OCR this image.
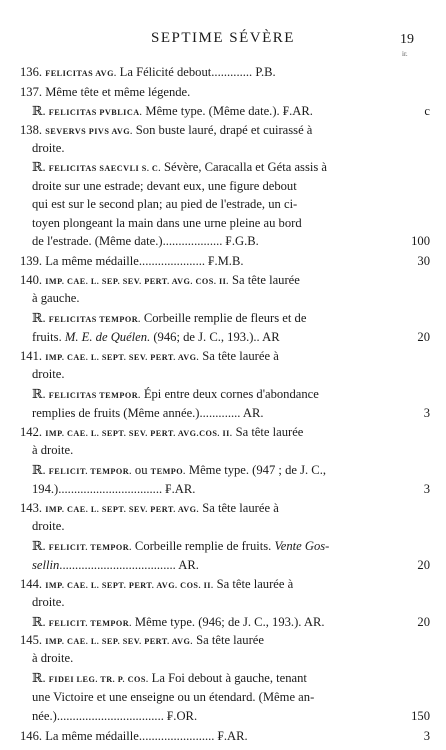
SEPTIME SÉVÈRE	19
ir.
136. FELICITAS AVG. La Félicité debout............. P.B.
137. Même tête et même légende.
ℝ. FELICITAS PVBLICA. Même type. (Même date.). ₣.AR.	c
138. SEVERVS PIVS AVG. Son buste lauré, drapé et cuirassé à
droite.
ℝ. FELICITAS SAECVLI S. C. Sévère, Caracalla et Géta assis à
droite sur une estrade; devant eux, une figure debout
qui est sur le second plan; au pied de l'estrade, un ci-
toyen plongeant la main dans une urne pleine au bord
de l'estrade. (Même date.)................... ₣.G.B.	100
139. La même médaille..................... ₣.M.B.	30
140. IMP. CAE. L. SEP. SEV. PERT. AVG. COS. II. Sa tête laurée
à gauche.
ℝ. FELICITAS TEMPOR. Corbeille remplie de fleurs et de
fruits. M. E. de Quélen. (946; de J. C., 193.).. AR	20
141. IMP. CAE. L. SEPT. SEV. PERT. AVG. Sa tête laurée à
droite.
ℝ. FELICITAS TEMPOR. Épi entre deux cornes d'abondance
remplies de fruits (Même année.)............. AR.	3
142. IMP. CAE. L. SEPT. SEV. PERT. AVG.COS. II. Sa tête laurée
à droite.
ℝ. FELICIT. TEMPOR. ou TEMPO. Même type. (947 ; de J. C.,
194.)................................. ₣.AR.	3
143. IMP. CAE. L. SEPT. SEV. PERT. AVG. Sa tête laurée à
droite.
ℝ. FELICIT. TEMPOR. Corbeille remplie de fruits. Vente Gos-
sellin..................................... AR.	20
144. IMP. CAE. L. SEPT. PERT. AVG. COS. II. Sa tête laurée à
droite.
ℝ. FELICIT. TEMPOR. Même type. (946; de J. C., 193.). AR.	20
145. IMP. CAE. L. SEP. SEV. PERT. AVG. Sa tête laurée
à droite.
ℝ. FIDEI LEG. TR. P. COS. La Foi debout à gauche, tenant
une Victoire et une enseigne ou un étendard. (Même an-
née.).................................. ₣.OR.	150
146. La même médaille........................ ₣.AR.	3
